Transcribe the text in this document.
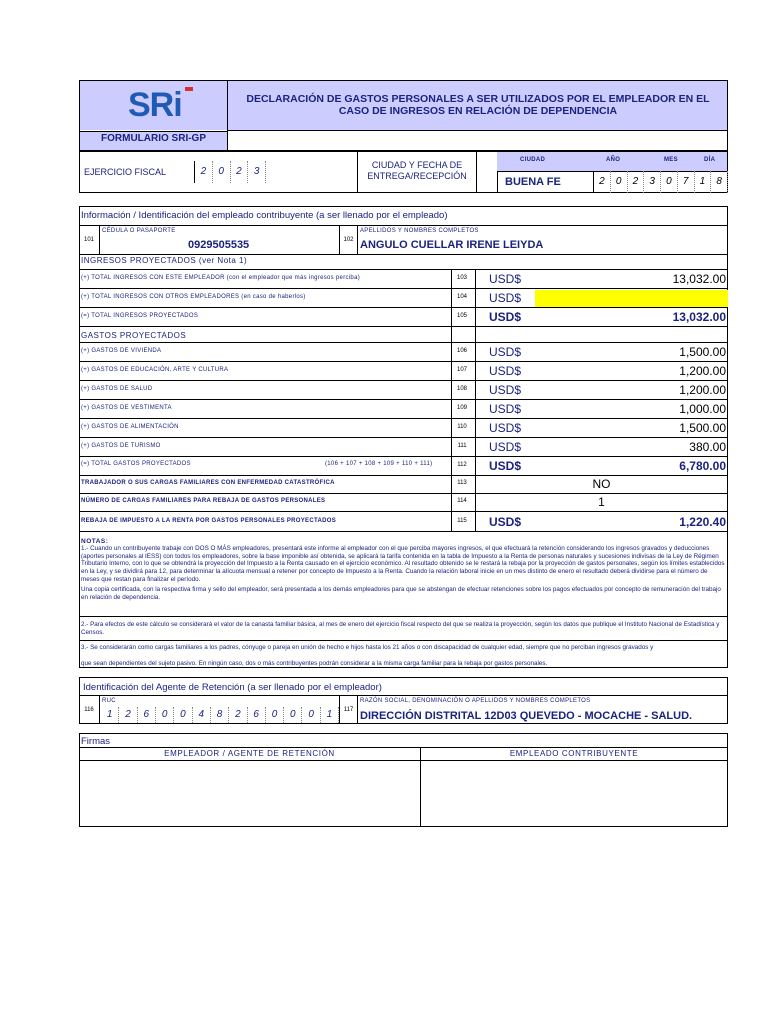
SRi
FORMULARIO SRI-GP
DECLARACIÓN DE GASTOS PERSONALES A SER UTILIZADOS POR EL EMPLEADOR EN EL CASO DE INGRESOS EN RELACIÓN DE DEPENDENCIA
EJERCICIO FISCAL	2	0	2	3
CIUDAD Y FECHA DE ENTREGA/RECEPCIÓN
CIUDAD	AÑO	MES	DÍA
BUENA FE	2	0	2	3	0	7	1	8
Información / Identificación del empleado contribuyente (a ser llenado por el empleado)
101
CÉDULA O PASAPORTE
0929505535	102
APELLIDOS Y NOMBRES COMPLETOS
ANGULO CUELLAR IRENE LEIYDA
INGRESOS PROYECTADOS (ver Nota 1)
(+) TOTAL INGRESOS CON ESTE EMPLEADOR (con el empleador que más ingresos perciba)	103	USD$	13,032.00
(+) TOTAL INGRESOS CON OTROS EMPLEADORES (en caso de haberlos)	104	USD$
(=) TOTAL INGRESOS PROYECTADOS	105	USD$	13,032.00
GASTOS PROYECTADOS
(+) GASTOS DE VIVIENDA	106	USD$	1,500.00
(+) GASTOS DE EDUCACIÓN, ARTE Y CULTURA	107	USD$	1,200.00
(+) GASTOS DE SALUD	108	USD$	1,200.00
(+) GASTOS DE VESTIMENTA	109	USD$	1,000.00
(+) GASTOS DE ALIMENTACIÓN	110	USD$	1,500.00
(+) GASTOS DE TURISMO	111	USD$	380.00
(=) TOTAL GASTOS PROYECTADOS	(106 + 107 + 108 + 109 + 110 + 111)	112	USD$	6,780.00
TRABAJADOR O SUS CARGAS FAMILIARES CON ENFERMEDAD CATASTRÓFICA	113	NO
NÚMERO DE CARGAS FAMILIARES PARA REBAJA DE GASTOS PERSONALES	114	1
REBAJA DE IMPUESTO A LA RENTA POR GASTOS PERSONALES PROYECTADOS	115	USD$	1,220.40
NOTAS:
1.- Cuando un contribuyente trabaje con DOS O MÁS empleadores, presentará este informe al empleador con el que perciba mayores ingresos, el que efectuará la retención considerando los ingresos gravados y deducciones (aportes personales al IESS) con todos los empleadores, sobre la base imponible así obtenida, se aplicará la tarifa contenida en la tabla de Impuesto a la Renta de personas naturales y sucesiones indivisas de la Ley de Régimen Tributario Interno, con lo que se obtendrá la proyección del Impuesto a la Renta causado en el ejercicio económico. Al resultado obtenido se le restará la rebaja por la proyección de gastos personales, según los límites establecidos en la Ley, y se dividirá para 12, para determinar la alícuota mensual a retener por concepto de Impuesto a la Renta. Cuando la relación laboral inicie en un mes distinto de enero el resultado deberá dividirse para el número de meses que restan para finalizar el período.
Una copia certificada, con la respectiva firma y sello del empleador, será presentada a los demás empleadores para que se abstengan de efectuar retenciones sobre los pagos efectuados por concepto de remuneración del trabajo en relación de dependencia.
2.- Para efectos de este cálculo se considerará el valor de la canasta familiar básica, al mes de enero del ejercicio fiscal respecto del que se realiza la proyección, según los datos que publique el Instituto Nacional de Estadística y Censos.
3.- Se considerarán como cargas familiares a los padres, cónyuge o pareja en unión de hecho e hijos hasta los 21 años o con discapacidad de cualquier edad, siempre que no perciban ingresos gravados y
que sean dependientes del sujeto pasivo. En ningún caso, dos o más contribuyentes podrán considerar a la misma carga familiar para la rebaja por gastos personales.
Identificación del Agente de Retención (a ser llenado por el empleador)
116
RUC
1	2	6	0	0	4	8	2	6	0	0	0	1	117
RAZÓN SOCIAL, DENOMINACIÓN O APELLIDOS Y NOMBRES COMPLETOS
DIRECCIÓN DISTRITAL 12D03 QUEVEDO - MOCACHE - SALUD.
Firmas
EMPLEADOR / AGENTE DE RETENCIÓN	EMPLEADO CONTRIBUYENTE
